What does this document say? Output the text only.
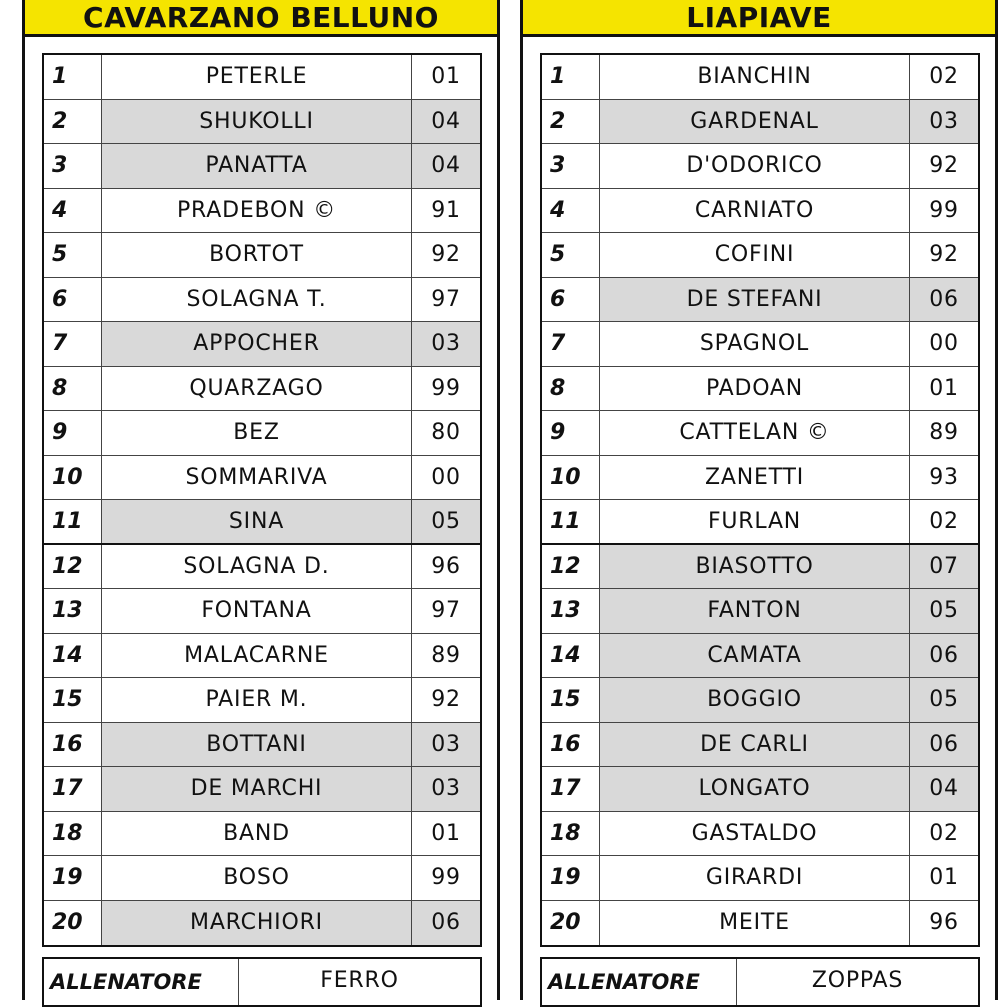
CAVARZANO BELLUNO
1	PETERLE	01
2	SHUKOLLI	04
3	PANATTA	04
4	PRADEBON ©	91
5	BORTOT	92
6	SOLAGNA T.	97
7	APPOCHER	03
8	QUARZAGO	99
9	BEZ	80
10	SOMMARIVA	00
11	SINA	05
12	SOLAGNA D.	96
13	FONTANA	97
14	MALACARNE	89
15	PAIER M.	92
16	BOTTANI	03
17	DE MARCHI	03
18	BAND	01
19	BOSO	99
20	MARCHIORI	06
ALLENATORE	FERRO
LIAPIAVE
1	BIANCHIN	02
2	GARDENAL	03
3	D'ODORICO	92
4	CARNIATO	99
5	COFINI	92
6	DE STEFANI	06
7	SPAGNOL	00
8	PADOAN	01
9	CATTELAN ©	89
10	ZANETTI	93
11	FURLAN	02
12	BIASOTTO	07
13	FANTON	05
14	CAMATA	06
15	BOGGIO	05
16	DE CARLI	06
17	LONGATO	04
18	GASTALDO	02
19	GIRARDI	01
20	MEITE	96
ALLENATORE	ZOPPAS
